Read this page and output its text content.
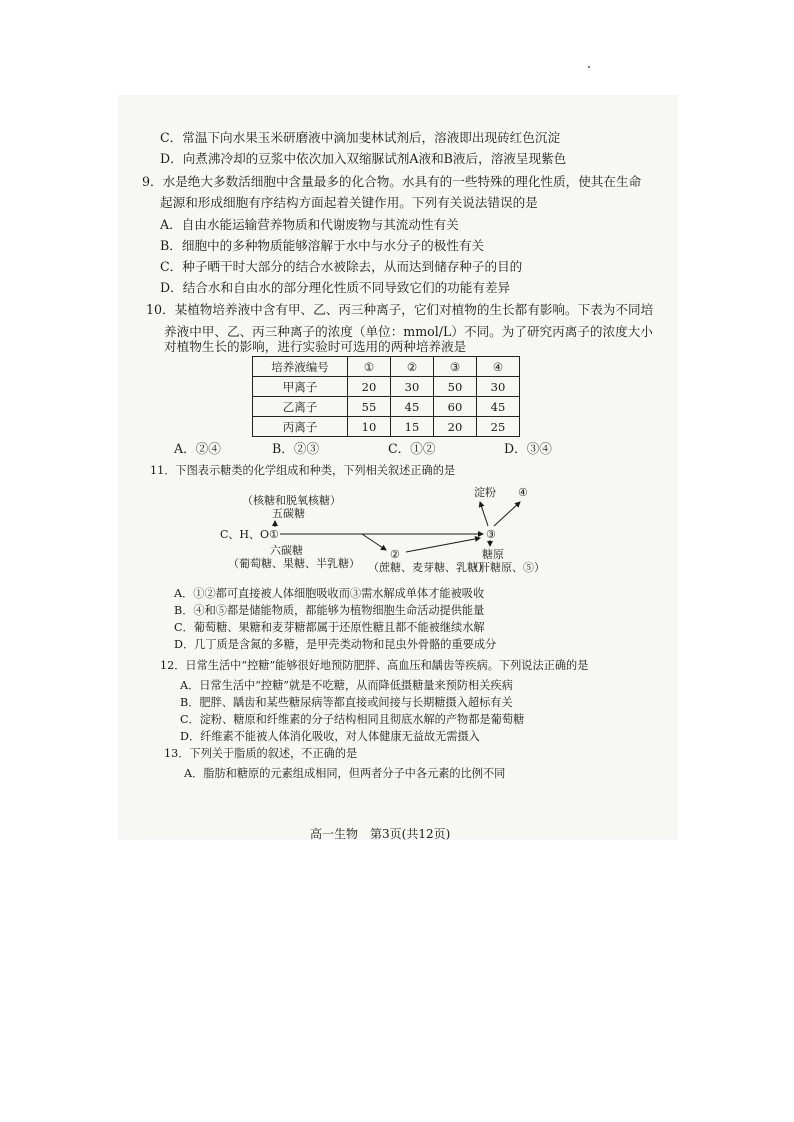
C．常温下向水果玉米研磨液中滴加斐林试剂后，溶液即出现砖红色沉淀
D．向煮沸冷却的豆浆中依次加入双缩脲试剂A液和B液后，溶液呈现紫色
9．水是绝大多数活细胞中含量最多的化合物。水具有的一些特殊的理化性质，使其在生命
起源和形成细胞有序结构方面起着关键作用。下列有关说法错误的是
A．自由水能运输营养物质和代谢废物与其流动性有关
B．细胞中的多种物质能够溶解于水中与水分子的极性有关
C．种子晒干时大部分的结合水被除去，从而达到储存种子的目的
D．结合水和自由水的部分理化性质不同导致它们的功能有差异
10．某植物培养液中含有甲、乙、丙三种离子，它们对植物的生长都有影响。下表为不同培
养液中甲、乙、丙三种离子的浓度（单位：mmol/L）不同。为了研究丙离子的浓度大小
对植物生长的影响，进行实验时可选用的两种培养液是
培养液编号	①	②	③	④
甲离子	20	30	50	30
乙离子	55	45	60	45
丙离子	10	15	20	25
A．②④	B．②③	C．①②	D．③④
11．下图表示糖类的化学组成和种类，下列相关叙述正确的是
（核糖和脱氧核糖）
五碳糖
C、H、O ①
六碳糖
（葡萄糖、果糖、半乳糖）
②
（蔗糖、麦芽糖、乳糖）
③
淀粉 ④
糖原
（肝糖原、⑤）
A．①②都可直接被人体细胞吸收而③需水解成单体才能被吸收
B．④和⑤都是储能物质，都能够为植物细胞生命活动提供能量
C．葡萄糖、果糖和麦芽糖都属于还原性糖且都不能被继续水解
D．几丁质是含氮的多糖，是甲壳类动物和昆虫外骨骼的重要成分
12．日常生活中“控糖”能够很好地预防肥胖、高血压和龋齿等疾病。下列说法正确的是
A．日常生活中“控糖”就是不吃糖，从而降低摄糖量来预防相关疾病
B．肥胖、龋齿和某些糖尿病等都直接或间接与长期糖摄入超标有关
C．淀粉、糖原和纤维素的分子结构相同且彻底水解的产物都是葡萄糖
D．纤维素不能被人体消化吸收，对人体健康无益故无需摄入
13．下列关于脂质的叙述，不正确的是
A．脂肪和糖原的元素组成相同，但两者分子中各元素的比例不同
高一生物　第3页(共12页)
